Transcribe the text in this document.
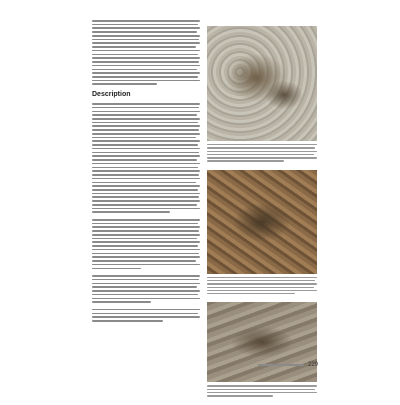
Description
229
